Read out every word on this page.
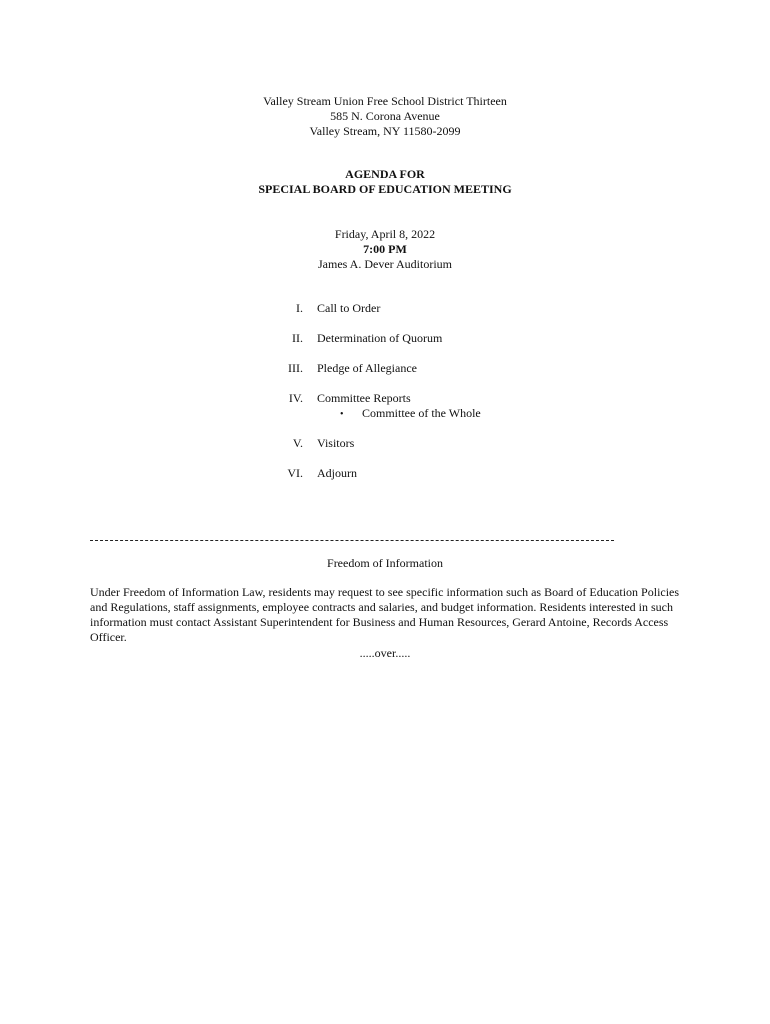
Valley Stream Union Free School District Thirteen
585 N. Corona Avenue
Valley Stream, NY 11580-2099
AGENDA FOR
SPECIAL BOARD OF EDUCATION MEETING
Friday, April 8, 2022
7:00 PM
James A. Dever Auditorium
I. Call to Order
II. Determination of Quorum
III. Pledge of Allegiance
IV. Committee Reports
• Committee of the Whole
V. Visitors
VI. Adjourn
Freedom of Information
Under Freedom of Information Law, residents may request to see specific information such as Board of Education Policies and Regulations, staff assignments, employee contracts and salaries, and budget information. Residents interested in such information must contact Assistant Superintendent for Business and Human Resources, Gerard Antoine, Records Access Officer.
.....over.....
